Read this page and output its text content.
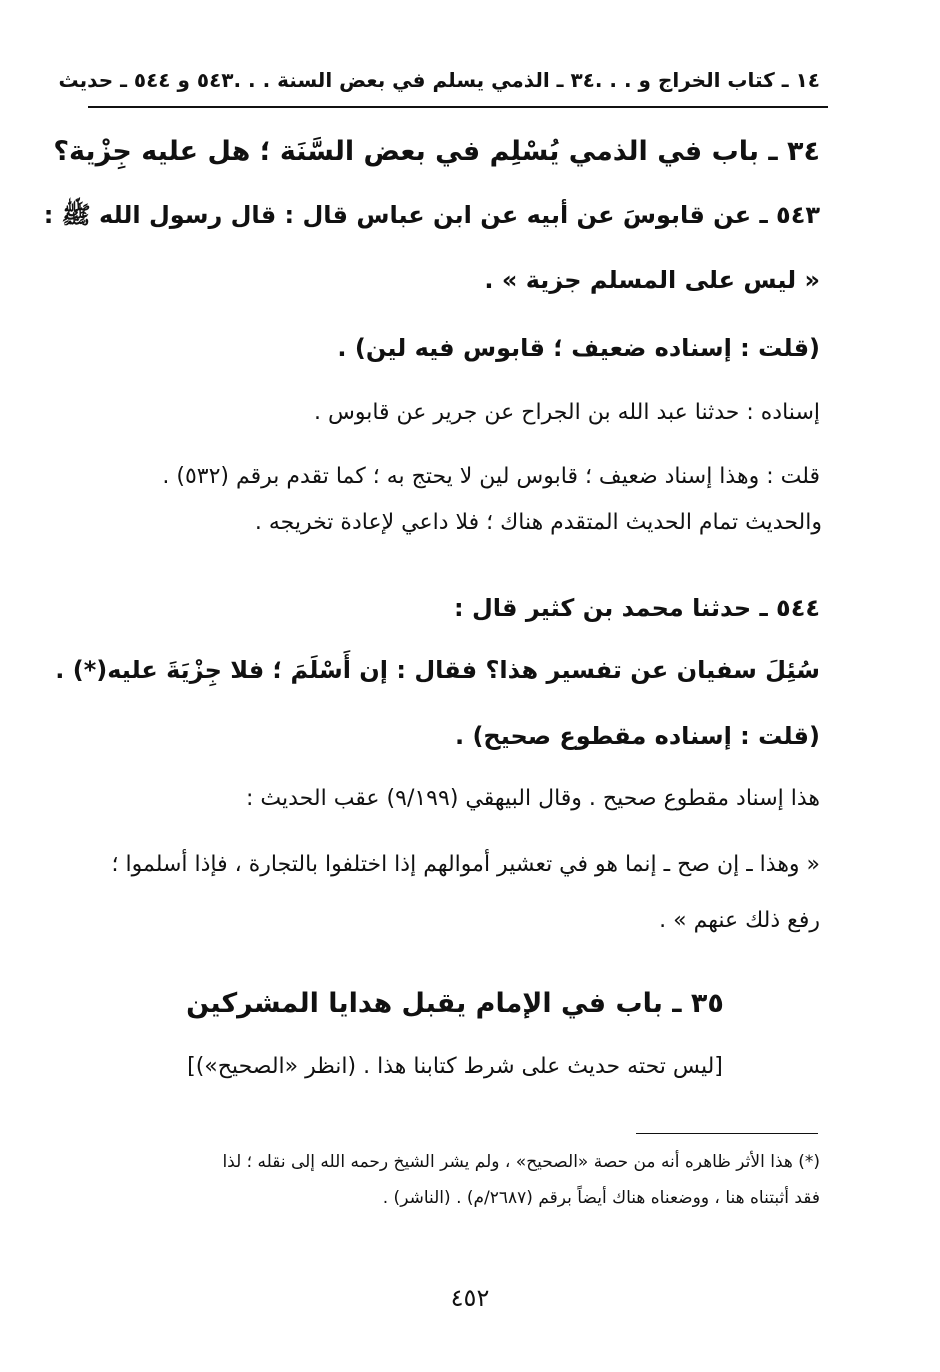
١٤ ـ كتاب الخراج و . . .
٣٤ ـ الذمي يسلم في بعض السنة . . .
٥٤٣ و ٥٤٤ ـ حديث
٣٤ ـ باب في الذمي يُسْلِم في بعض السَّنَة ؛ هل عليه جِزْية؟
٥٤٣ ـ عن قابوسَ عن أبيه عن ابن عباس قال : قال رسول الله ﷺ :
« ليس على المسلم جزية » .
(قلت : إسناده ضعيف ؛ قابوس فيه لين) .
إسناده : حدثنا عبد الله بن الجراح عن جرير عن قابوس .
قلت : وهذا إسناد ضعيف ؛ قابوس لين لا يحتج به ؛ كما تقدم برقم (٥٣٢) .
والحديث تمام الحديث المتقدم هناك ؛ فلا داعي لإعادة تخريجه .
٥٤٤ ـ حدثنا محمد بن كثير قال :
سُئِلَ سفيان عن تفسير هذا؟ فقال : إن أَسْلَمَ ؛ فلا جِزْيَةَ عليه(*) .
(قلت : إسناده مقطوع صحيح) .
هذا إسناد مقطوع صحيح . وقال البيهقي (٩/١٩٩) عقب الحديث :
« وهذا ـ إن صح ـ إنما هو في تعشير أموالهم إذا اختلفوا بالتجارة ، فإذا أسلموا ؛
رفع ذلك عنهم » .
٣٥ ـ باب في الإمام يقبل هدايا المشركين
[ليس تحته حديث على شرط كتابنا هذا . (انظر «الصحيح»)]
(*) هذا الأثر ظاهره أنه من حصة «الصحيح» ، ولم يشر الشيخ رحمه الله إلى نقله ؛ لذا
فقد أثبتناه هنا ، ووضعناه هناك أيضاً برقم (٢٦٨٧/م) . (الناشر) .
٤٥٢
